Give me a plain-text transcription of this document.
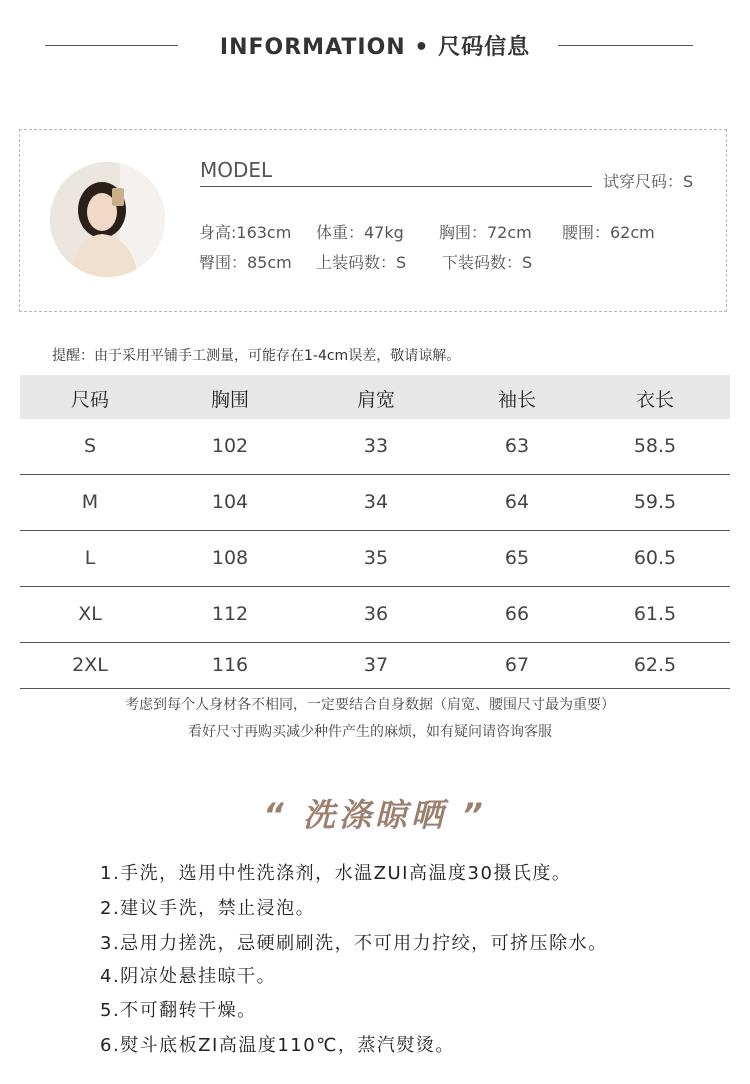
INFORMATION • 尺码信息
MODEL	试穿尺码：S
身高:163cm 体重：47kg 胸围：72cm 腰围：62cm
臀围：85cm 上装码数：S 下装码数：S
提醒：由于采用平铺手工测量，可能存在1-4cm误差，敬请谅解。
尺码	胸围	肩宽	袖长	衣长
S	102	33	63	58.5
M	104	34	64	59.5
L	108	35	65	60.5
XL	112	36	66	61.5
2XL	116	37	67	62.5
考虑到每个人身材各不相同，一定要结合自身数据（肩宽、腰围尺寸最为重要）
看好尺寸再购买减少种件产生的麻烦，如有疑问请咨询客服
“ 洗涤晾晒 ”
1.手洗，选用中性洗涤剂，水温ZUI高温度30摄氏度。
2.建议手洗，禁止浸泡。
3.忌用力搓洗，忌硬刷刷洗，不可用力拧绞，可挤压除水。
4.阴凉处悬挂晾干。
5.不可翻转干燥。
6.熨斗底板ZI高温度110℃，蒸汽熨烫。
